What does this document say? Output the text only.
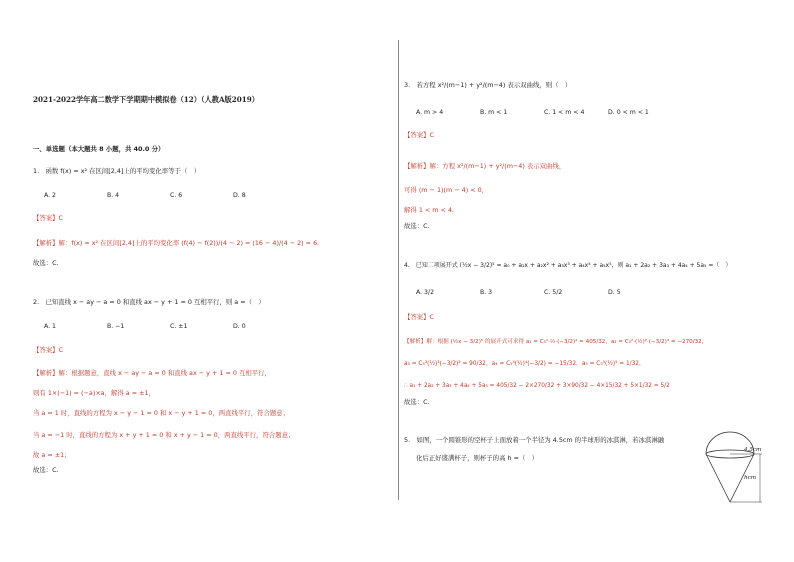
2021-2022学年高二数学下学期期中模拟卷（12）（人教A版2019）
一、单选题（本大题共 8 小题，共 40.0 分）
1.　函数 f(x) = x² 在区间[2,4]上的平均变化率等于（　）
A. 2	B. 4	C. 6	D. 8
【答案】C
【解析】解：f(x) = x² 在区间[2,4]上的平均变化率 (f(4) − f(2))/(4 − 2) = (16 − 4)/(4 − 2) = 6.
故选：C.
2.　已知直线 x − ay − a = 0 和直线 ax − y + 1 = 0 互相平行，则 a =（　）
A. 1	B. −1	C. ±1	D. 0
【答案】C
【解析】解：根据题意，直线 x − ay − a = 0 和直线 ax − y + 1 = 0 互相平行，
则有 1×(−1) = (−a)×a，解得 a = ±1，
当 a = 1 时，直线的方程为 x − y − 1 = 0 和 x − y + 1 = 0，两直线平行，符合题意；
当 a = −1 时，直线的方程为 x + y + 1 = 0 和 x + y − 1 = 0，两直线平行，符合题意；
故 a = ±1；
故选：C.
3.　若方程 x²/(m−1) + y²/(m−4) 表示双曲线，则（　）
A. m > 4	B. m < 1	C. 1 < m < 4	D. 0 < m < 1
【答案】C
【解析】解：方程 x²/(m−1) + y²/(m−4) 表示双曲线，
可得 (m − 1)(m − 4) < 0，
解得 1 < m < 4.
故选：C.
4.　已知二项展开式 (½x − 3/2)⁵ = a₀ + a₁x + a₂x² + a₃x³ + a₄x⁴ + a₅x⁵，则 a₁ + 2a₂ + 3a₃ + 4a₄ + 5a₅ =（　）
A. 3/2	B. 3	C. 5/2	D. 5
【答案】C
【解析】解：根据 (½x − 3/2)⁵ 的展开式可求得 a₁ = C₅¹·½·(−3/2)⁴ = 405/32，a₂ = C₅²·(½)²·(−3/2)³ = −270/32，
a₃ = C₅³(½)³(−3/2)² = 90/32，a₄ = C₅⁴(½)⁴(−3/2) = −15/32，a₅ = C₅⁵(½)⁵ = 1/32，
∴ a₁ + 2a₂ + 3a₃ + 4a₄ + 5a₅ = 405/32 − 2×270/32 + 3×90/32 − 4×15/32 + 5×1/32 = 5/2
故选：C.
5.　如图，一个圆锥形的空杯子上面放着一个半径为 4.5cm 的半球形的冰淇淋，若冰淇淋融
化后正好盛满杯子，则杯子的高 h =（　）
4.5cm
hcm
